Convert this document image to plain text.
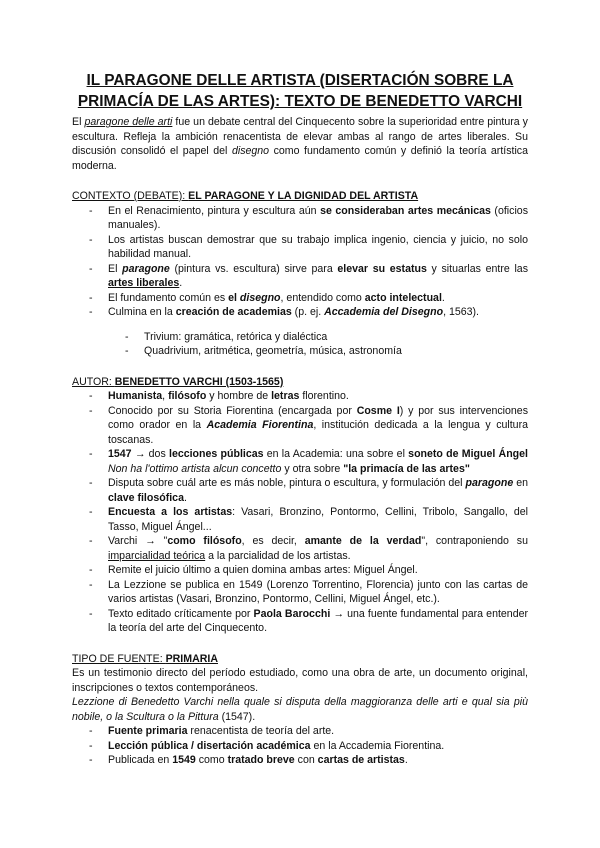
IL PARAGONE DELLE ARTISTA (DISERTACIÓN SOBRE LA
PRIMACÍA DE LAS ARTES): TEXTO DE BENEDETTO VARCHI

El paragone delle arti fue un debate central del Cinquecento sobre la superioridad entre pintura y escultura. Refleja la ambición renacentista de elevar ambas al rango de artes liberales. Su discusión consolidó el papel del disegno como fundamento común y definió la teoría artística moderna.

CONTEXTO (DEBATE): EL PARAGONE Y LA DIGNIDAD DEL ARTISTA
- En el Renacimiento, pintura y escultura aún se consideraban artes mecánicas (oficios manuales).
- Los artistas buscan demostrar que su trabajo implica ingenio, ciencia y juicio, no solo habilidad manual.
- El paragone (pintura vs. escultura) sirve para elevar su estatus y situarlas entre las artes liberales.
- El fundamento común es el disegno, entendido como acto intelectual.
- Culmina en la creación de academias (p. ej. Accademia del Disegno, 1563).
- Trivium: gramática, retórica y dialéctica
- Quadrivium, aritmética, geometría, música, astronomía
AUTOR: BENEDETTO VARCHI (1503-1565)
- Humanista, filósofo y hombre de letras florentino.
- Conocido por su Storia Fiorentina (encargada por Cosme I) y por sus intervenciones como orador en la Academia Fiorentina, institución dedicada a la lengua y cultura toscanas.
- 1547 → dos lecciones públicas en la Academia: una sobre el soneto de Miguel Ángel Non ha l'ottimo artista alcun concetto y otra sobre "la primacía de las artes"
- Disputa sobre cuál arte es más noble, pintura o escultura, y formulación del paragone en clave filosófica.
- Encuesta a los artistas: Vasari, Bronzino, Pontormo, Cellini, Tribolo, Sangallo, del Tasso, Miguel Ángel...
- Varchi → "como filósofo, es decir, amante de la verdad", contraponiendo su imparcialidad teórica a la parcialidad de los artistas.
- Remite el juicio último a quien domina ambas artes: Miguel Ángel.
- La Lezzione se publica en 1549 (Lorenzo Torrentino, Florencia) junto con las cartas de varios artistas (Vasari, Bronzino, Pontormo, Cellini, Miguel Ángel, etc.).
- Texto editado críticamente por Paola Barocchi → una fuente fundamental para entender la teoría del arte del Cinquecento.
TIPO DE FUENTE: PRIMARIA

Es un testimonio directo del período estudiado, como una obra de arte, un documento original, inscripciones o textos contemporáneos.

Lezzione di Benedetto Varchi nella quale si disputa della maggioranza delle arti e qual sia più nobile, o la Scultura o la Pittura (1547).

- Fuente primaria renacentista de teoría del arte.
- Lección pública / disertación académica en la Accademia Fiorentina.
- Publicada en 1549 como tratado breve con cartas de artistas.
